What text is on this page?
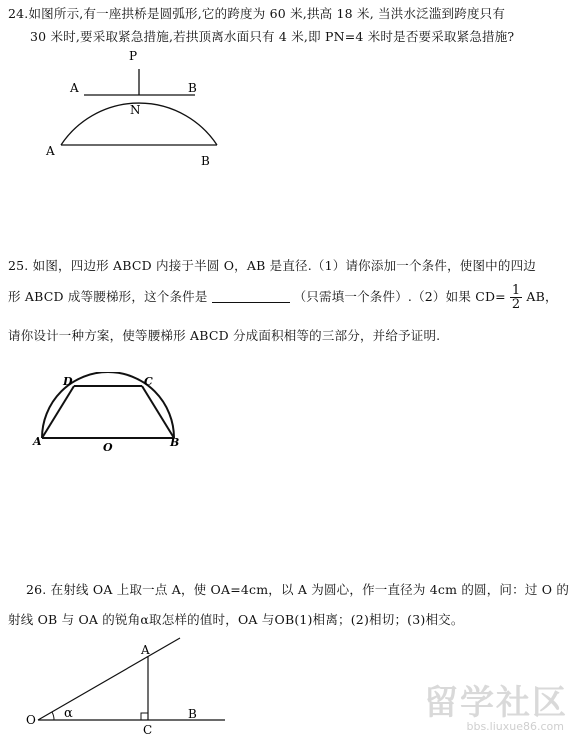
24.如图所示,有一座拱桥是圆弧形,它的跨度为 60 米,拱高 18 米, 当洪水泛滥到跨度只有
30 米时,要采取紧急措施,若拱顶离水面只有 4 米,即 PN=4 米时是否要采取紧急措施?
P
A	B
N
A
B
25. 如图，四边形 ABCD 内接于半圆 O，AB 是直径.（1）请你添加一个条件，使图中的四边
形 ABCD 成等腰梯形，这个条件是	（只需填一个条件）.（2）如果 $CD= \frac{1}{2}$ AB，
请你设计一种方案，使等腰梯形 ABCD 分成面积相等的三部分，并给予证明.
D	C
A	O	B
26. 在射线 OA 上取一点 A，使 OA=4cm，以 A 为圆心，作一直径为 4cm 的圆，问：过 O 的
射线 OB 与 OA 的锐角α取怎样的值时，OA 与OB(1)相离；(2)相切；(3)相交。
O α
A
C
B	留学社区
bbs.liuxue86.com
